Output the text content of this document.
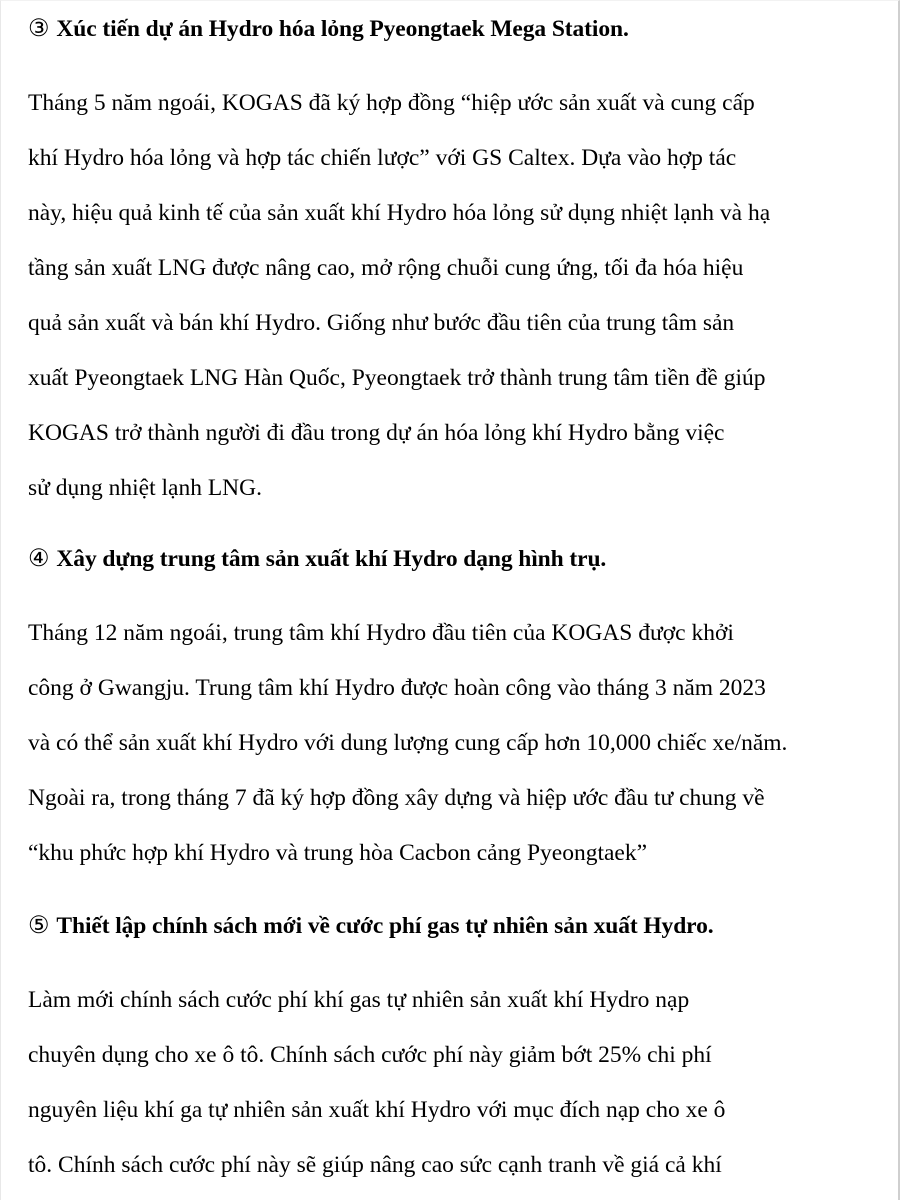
③ Xúc tiến dự án Hydro hóa lỏng Pyeongtaek Mega Station.
Tháng 5 năm ngoái, KOGAS đã ký hợp đồng “hiệp ước sản xuất và cung cấp
khí Hydro hóa lỏng và hợp tác chiến lược” với GS Caltex. Dựa vào hợp tác
này, hiệu quả kinh tế của sản xuất khí Hydro hóa lỏng sử dụng nhiệt lạnh và hạ
tầng sản xuất LNG được nâng cao, mở rộng chuỗi cung ứng, tối đa hóa hiệu
quả sản xuất và bán khí Hydro. Giống như bước đầu tiên của trung tâm sản
xuất Pyeongtaek LNG Hàn Quốc, Pyeongtaek trở thành trung tâm tiền đề giúp
KOGAS trở thành người đi đầu trong dự án hóa lỏng khí Hydro bằng việc
sử dụng nhiệt lạnh LNG.
④ Xây dựng trung tâm sản xuất khí Hydro dạng hình trụ.
Tháng 12 năm ngoái, trung tâm khí Hydro đầu tiên của KOGAS được khởi
công ở Gwangju. Trung tâm khí Hydro được hoàn công vào tháng 3 năm 2023
và có thể sản xuất khí Hydro với dung lượng cung cấp hơn 10,000 chiếc xe/năm.
Ngoài ra, trong tháng 7 đã ký hợp đồng xây dựng và hiệp ước đầu tư chung về
“khu phức hợp khí Hydro và trung hòa Cacbon cảng Pyeongtaek”
⑤ Thiết lập chính sách mới về cước phí gas tự nhiên sản xuất Hydro.
Làm mới chính sách cước phí khí gas tự nhiên sản xuất khí Hydro nạp
chuyên dụng cho xe ô tô. Chính sách cước phí này giảm bớt 25% chi phí
nguyên liệu khí ga tự nhiên sản xuất khí Hydro với mục đích nạp cho xe ô
tô. Chính sách cước phí này sẽ giúp nâng cao sức cạnh tranh về giá cả khí
